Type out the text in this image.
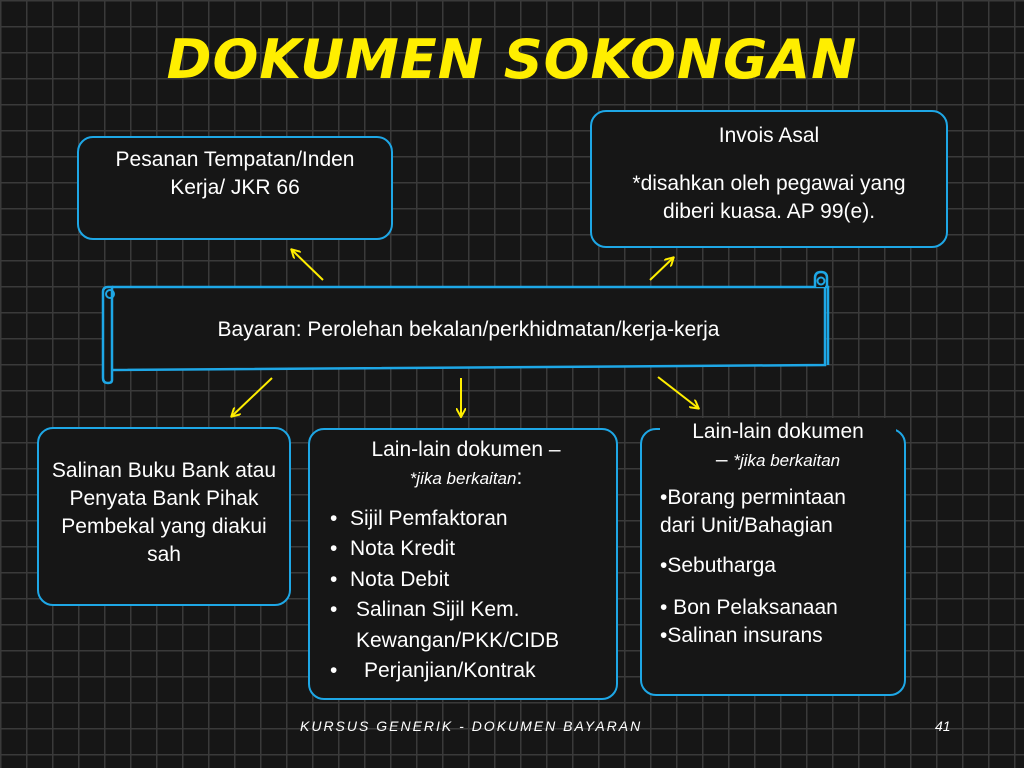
DOKUMEN SOKONGAN
Pesanan Tempatan/Inden Kerja/ JKR 66
Invois Asal
*disahkan oleh pegawai yang diberi kuasa. AP 99(e).
Bayaran: Perolehan bekalan/perkhidmatan/kerja-kerja
Salinan Buku Bank atau Penyata Bank Pihak Pembekal yang diakui sah
Lain-lain dokumen –
*jika berkaitan:
• Sijil Pemfaktoran
• Nota Kredit
• Nota Debit
• Salinan Sijil Kem. Kewangan/PKK/CIDB
• Perjanjian/Kontrak
Lain-lain dokumen
– *jika berkaitan
•Borang permintaan dari Unit/Bahagian
•Sebutharga
• Bon Pelaksanaan
•Salinan insurans
KURSUS GENERIK - DOKUMEN BAYARAN	41
